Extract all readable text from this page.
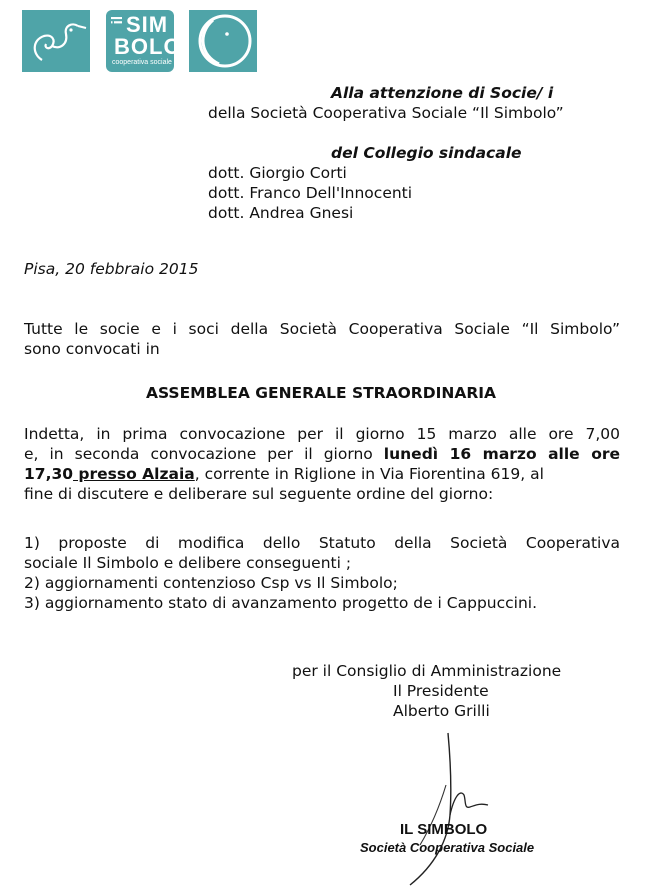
il SIM
BOLO
cooperativa sociale
Alla attenzione di Socie/ i
della Società Cooperativa Sociale “Il Simbolo”
del Collegio sindacale
dott. Giorgio Corti
dott. Franco Dell'Innocenti
dott. Andrea Gnesi
Pisa, 20 febbraio 2015
Tutte le socie e i soci della Società Cooperativa Sociale “Il Simbolo”
sono convocati in
ASSEMBLEA GENERALE STRAORDINARIA
Indetta, in prima convocazione per il giorno 15 marzo alle ore 7,00
e, in seconda convocazione per il giorno lunedì 16 marzo alle ore
17,30 presso Alzaia, corrente in Riglione in Via Fiorentina 619, al
fine di discutere e deliberare sul seguente ordine del giorno:
1) proposte di modifica dello Statuto della Società Cooperativa
sociale Il Simbolo e delibere conseguenti ;
2) aggiornamenti contenzioso Csp vs Il Simbolo;
3) aggiornamento stato di avanzamento progetto de i Cappuccini.
per il Consiglio di Amministrazione
Il Presidente
Alberto Grilli
IL SIMBOLO
Società Cooperativa Sociale
